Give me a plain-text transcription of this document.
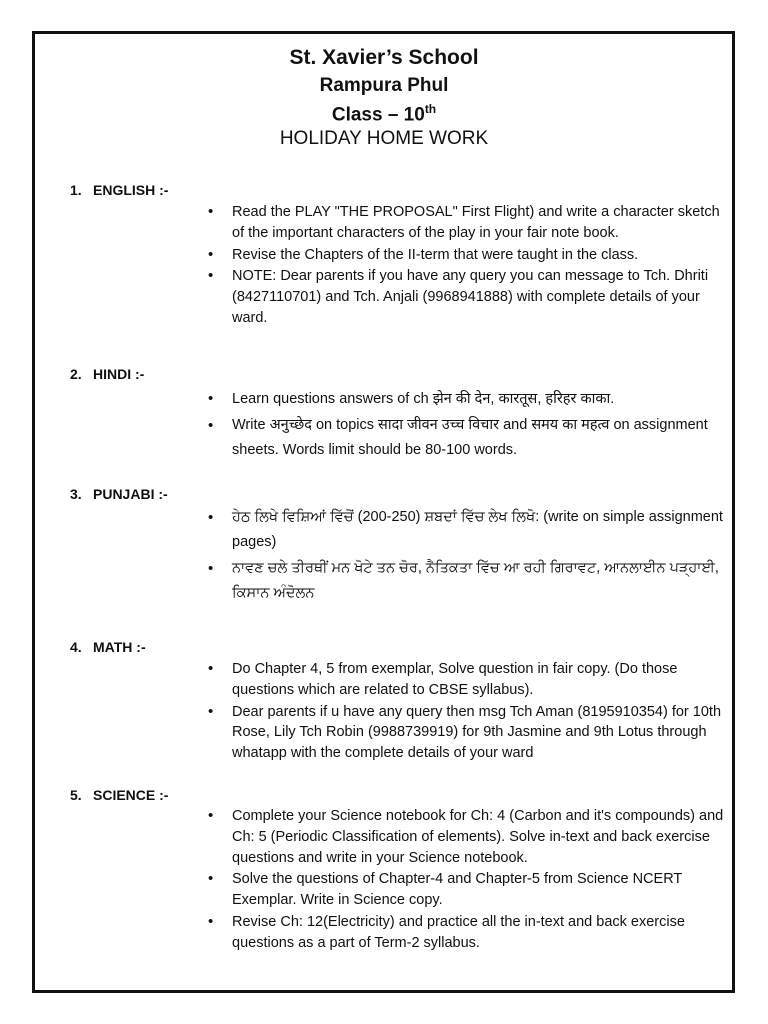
St. Xavier’s School
Rampura Phul
Class – 10th
HOLIDAY HOME WORK
1. ENGLISH :-
• Read the PLAY "THE PROPOSAL" First Flight) and write a character sketch of the important characters of the play in your fair note book.
• Revise the Chapters of the II-term that were taught in the class.
• NOTE: Dear parents if you have any query you can message to Tch. Dhriti (8427110701) and Tch. Anjali (9968941888) with complete details of your ward.
2. HINDI :-
• Learn questions answers of ch झेन की देन, कारतूस, हरिहर काका.
• Write अनुच्छेद on topics सादा जीवन उच्च विचार and समय का महत्व on assignment sheets. Words limit should be 80-100 words.
3. PUNJABI :-
• ਹੇਠ ਲਿਖੇ ਵਿਸ਼ਿਆਂ ਵਿੱਚੋਂ (200-250) ਸ਼ਬਦਾਂ ਵਿੱਚ ਲੇਖ ਲਿਖੋ: (write on simple assignment pages)
• ਨਾਵਣ ਚਲੇ ਤੀਰਥੀਂ ਮਨ ਖੋਟੇ ਤਨ ਚੋਰ, ਨੈਤਿਕਤਾ ਵਿੱਚ ਆ ਰਹੀ ਗਿਰਾਵਟ, ਆਨਲਾਈਨ ਪੜ੍ਹਾਈ, ਕਿਸਾਨ ਅੰਦੋਲਨ
4. MATH :-
• Do Chapter 4, 5 from exemplar, Solve question in fair copy. (Do those questions which are related to CBSE syllabus).
• Dear parents if u have any query then msg Tch Aman (8195910354) for 10th Rose, Lily Tch Robin (9988739919) for 9th Jasmine and 9th Lotus through whatapp with the complete details of your ward
5. SCIENCE :-
• Complete your Science notebook for Ch: 4 (Carbon and it's compounds) and Ch: 5 (Periodic Classification of elements). Solve in-text and back exercise questions and write in your Science notebook.
• Solve the questions of Chapter-4 and Chapter-5 from Science NCERT Exemplar. Write in Science copy.
• Revise Ch: 12(Electricity) and practice all the in-text and back exercise questions as a part of Term-2 syllabus.
